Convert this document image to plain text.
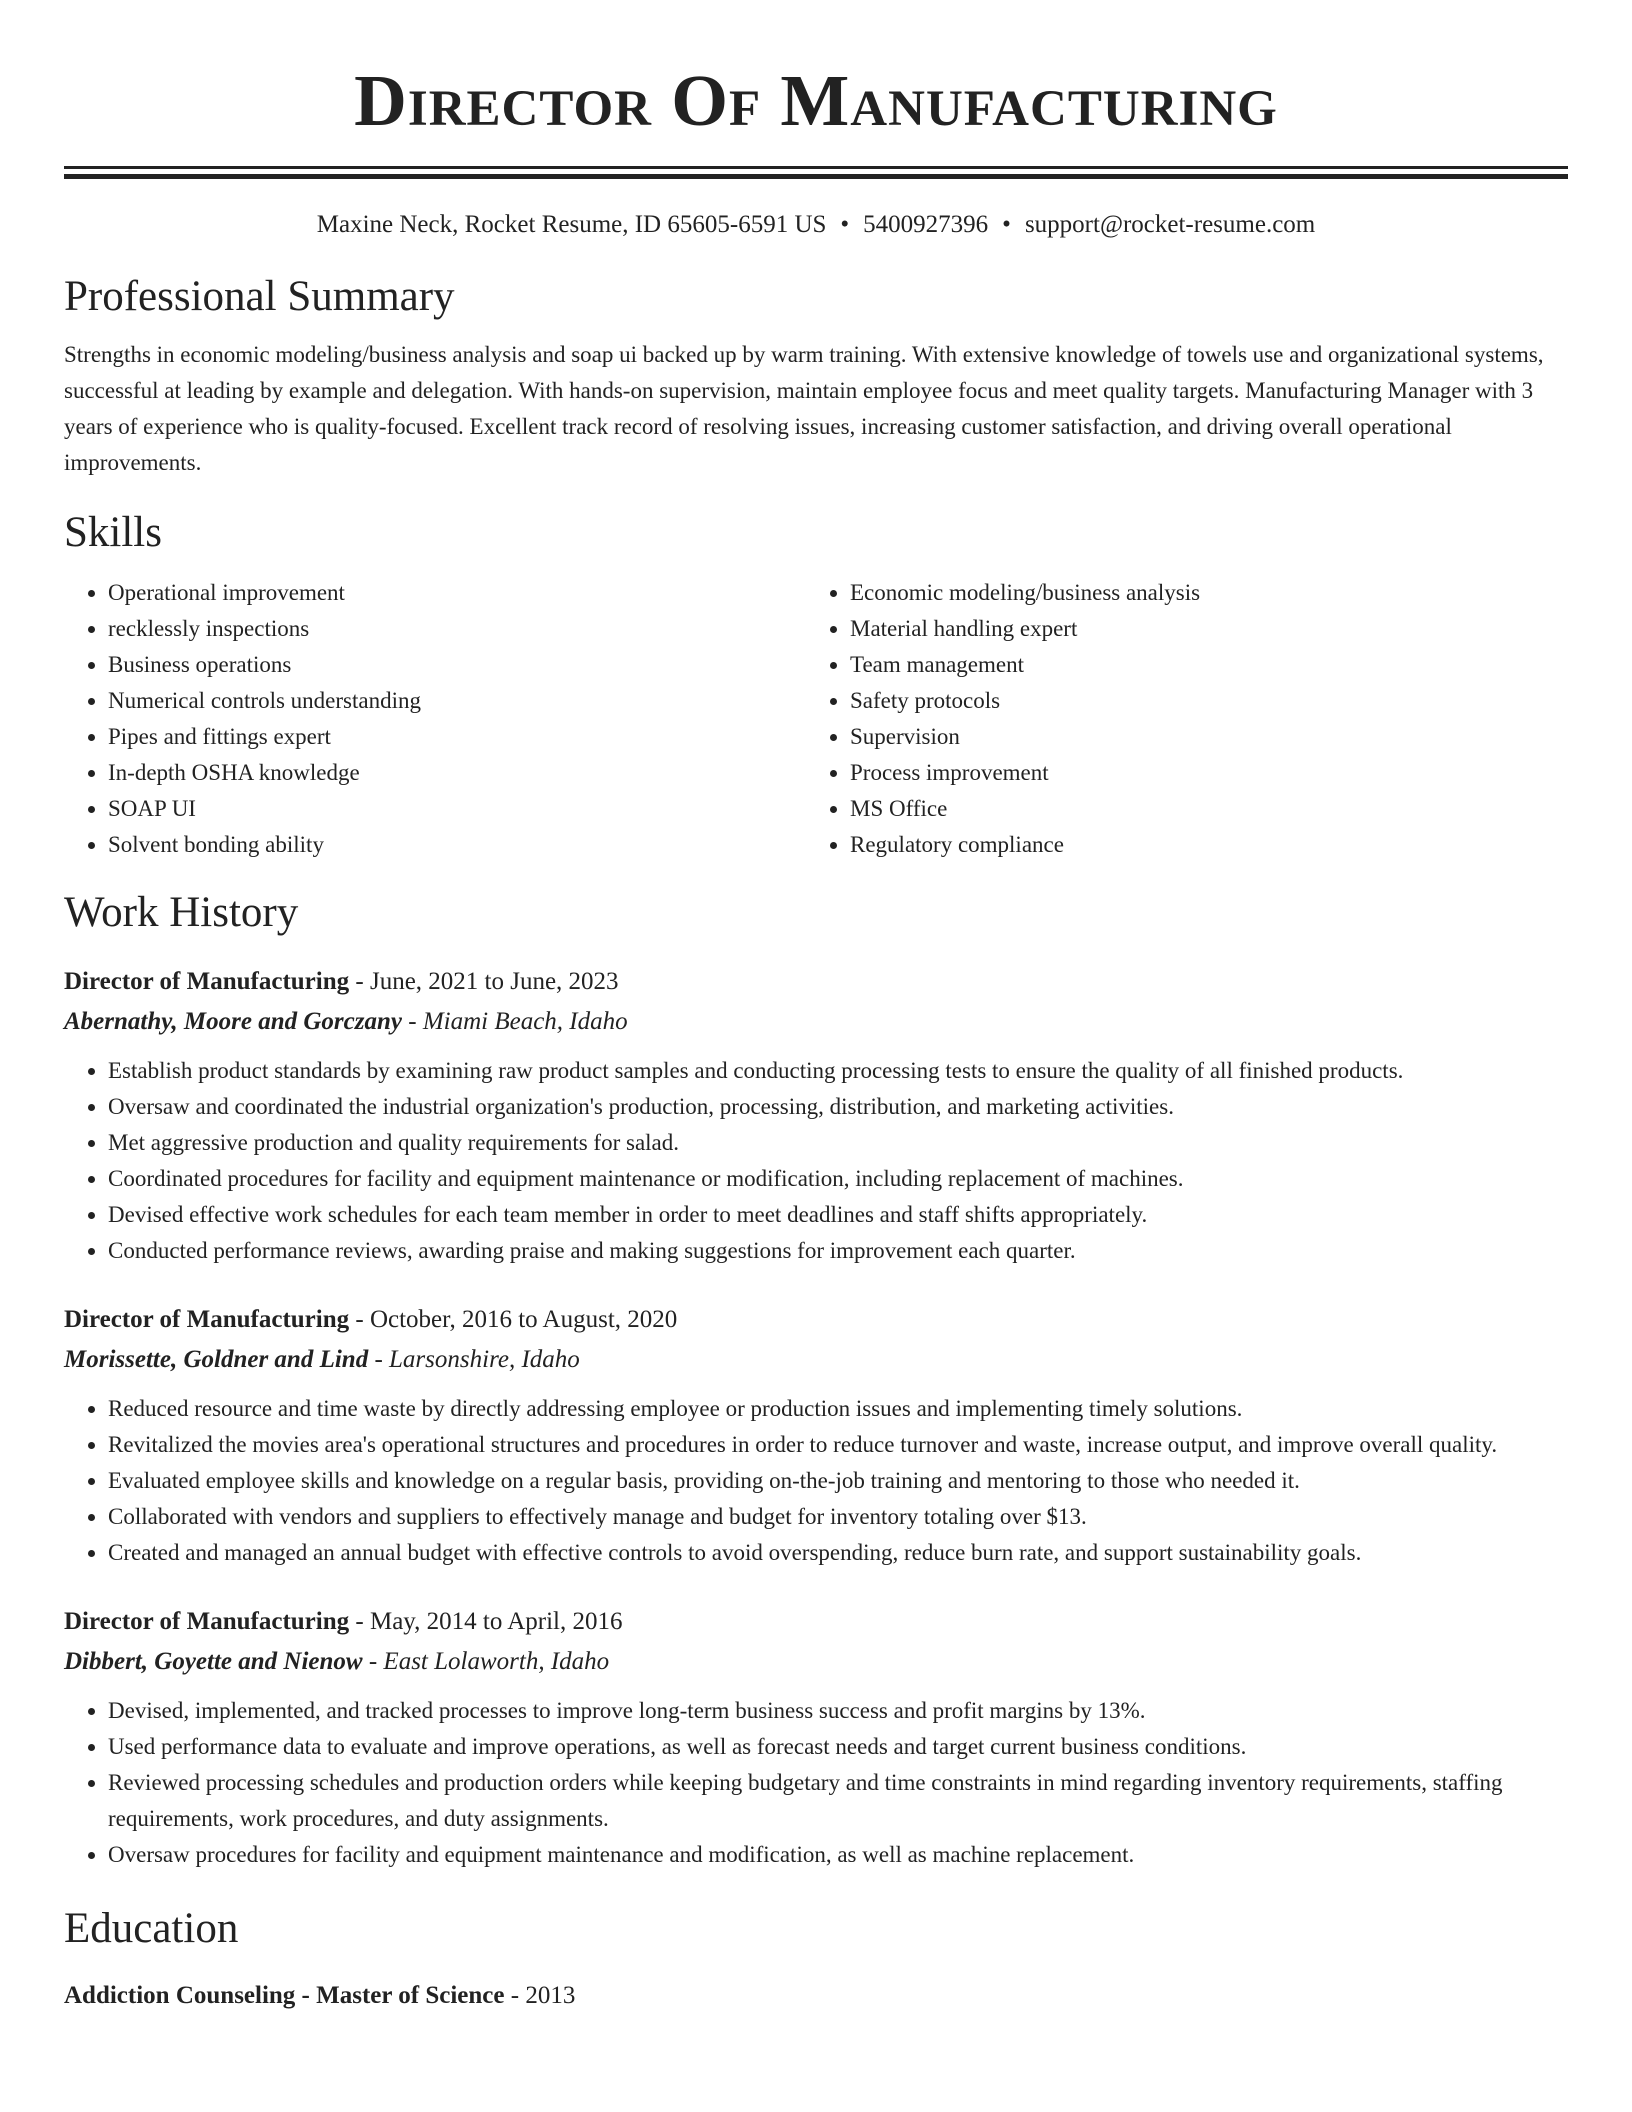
Director Of Manufacturing
Maxine Neck, Rocket Resume, ID 65605-6591 US • 5400927396 • support@rocket-resume.com
Professional Summary

Strengths in economic modeling/business analysis and soap ui backed up by warm training. With extensive knowledge of towels use and organizational systems, successful at leading by example and delegation. With hands-on supervision, maintain employee focus and meet quality targets. Manufacturing Manager with 3 years of experience who is quality-focused. Excellent track record of resolving issues, increasing customer satisfaction, and driving overall operational improvements.

Skills
• Operational improvement
• recklessly inspections
• Business operations
• Numerical controls understanding
• Pipes and fittings expert
• In-depth OSHA knowledge
• SOAP UI
• Solvent bonding ability
• Economic modeling/business analysis
• Material handling expert
• Team management
• Safety protocols
• Supervision
• Process improvement
• MS Office
• Regulatory compliance
Work History
Director of Manufacturing - June, 2021 to June, 2023
Abernathy, Moore and Gorczany - Miami Beach, Idaho
• Establish product standards by examining raw product samples and conducting processing tests to ensure the quality of all finished products.
• Oversaw and coordinated the industrial organization's production, processing, distribution, and marketing activities.
• Met aggressive production and quality requirements for salad.
• Coordinated procedures for facility and equipment maintenance or modification, including replacement of machines.
• Devised effective work schedules for each team member in order to meet deadlines and staff shifts appropriately.
• Conducted performance reviews, awarding praise and making suggestions for improvement each quarter.
Director of Manufacturing - October, 2016 to August, 2020
Morissette, Goldner and Lind - Larsonshire, Idaho
• Reduced resource and time waste by directly addressing employee or production issues and implementing timely solutions.
• Revitalized the movies area's operational structures and procedures in order to reduce turnover and waste, increase output, and improve overall quality.
• Evaluated employee skills and knowledge on a regular basis, providing on-the-job training and mentoring to those who needed it.
• Collaborated with vendors and suppliers to effectively manage and budget for inventory totaling over $13.
• Created and managed an annual budget with effective controls to avoid overspending, reduce burn rate, and support sustainability goals.
Director of Manufacturing - May, 2014 to April, 2016
Dibbert, Goyette and Nienow - East Lolaworth, Idaho
• Devised, implemented, and tracked processes to improve long-term business success and profit margins by 13%.
• Used performance data to evaluate and improve operations, as well as forecast needs and target current business conditions.
• Reviewed processing schedules and production orders while keeping budgetary and time constraints in mind regarding inventory requirements, staffing requirements, work procedures, and duty assignments.
• Oversaw procedures for facility and equipment maintenance and modification, as well as machine replacement.
Education
Addiction Counseling - Master of Science - 2013
